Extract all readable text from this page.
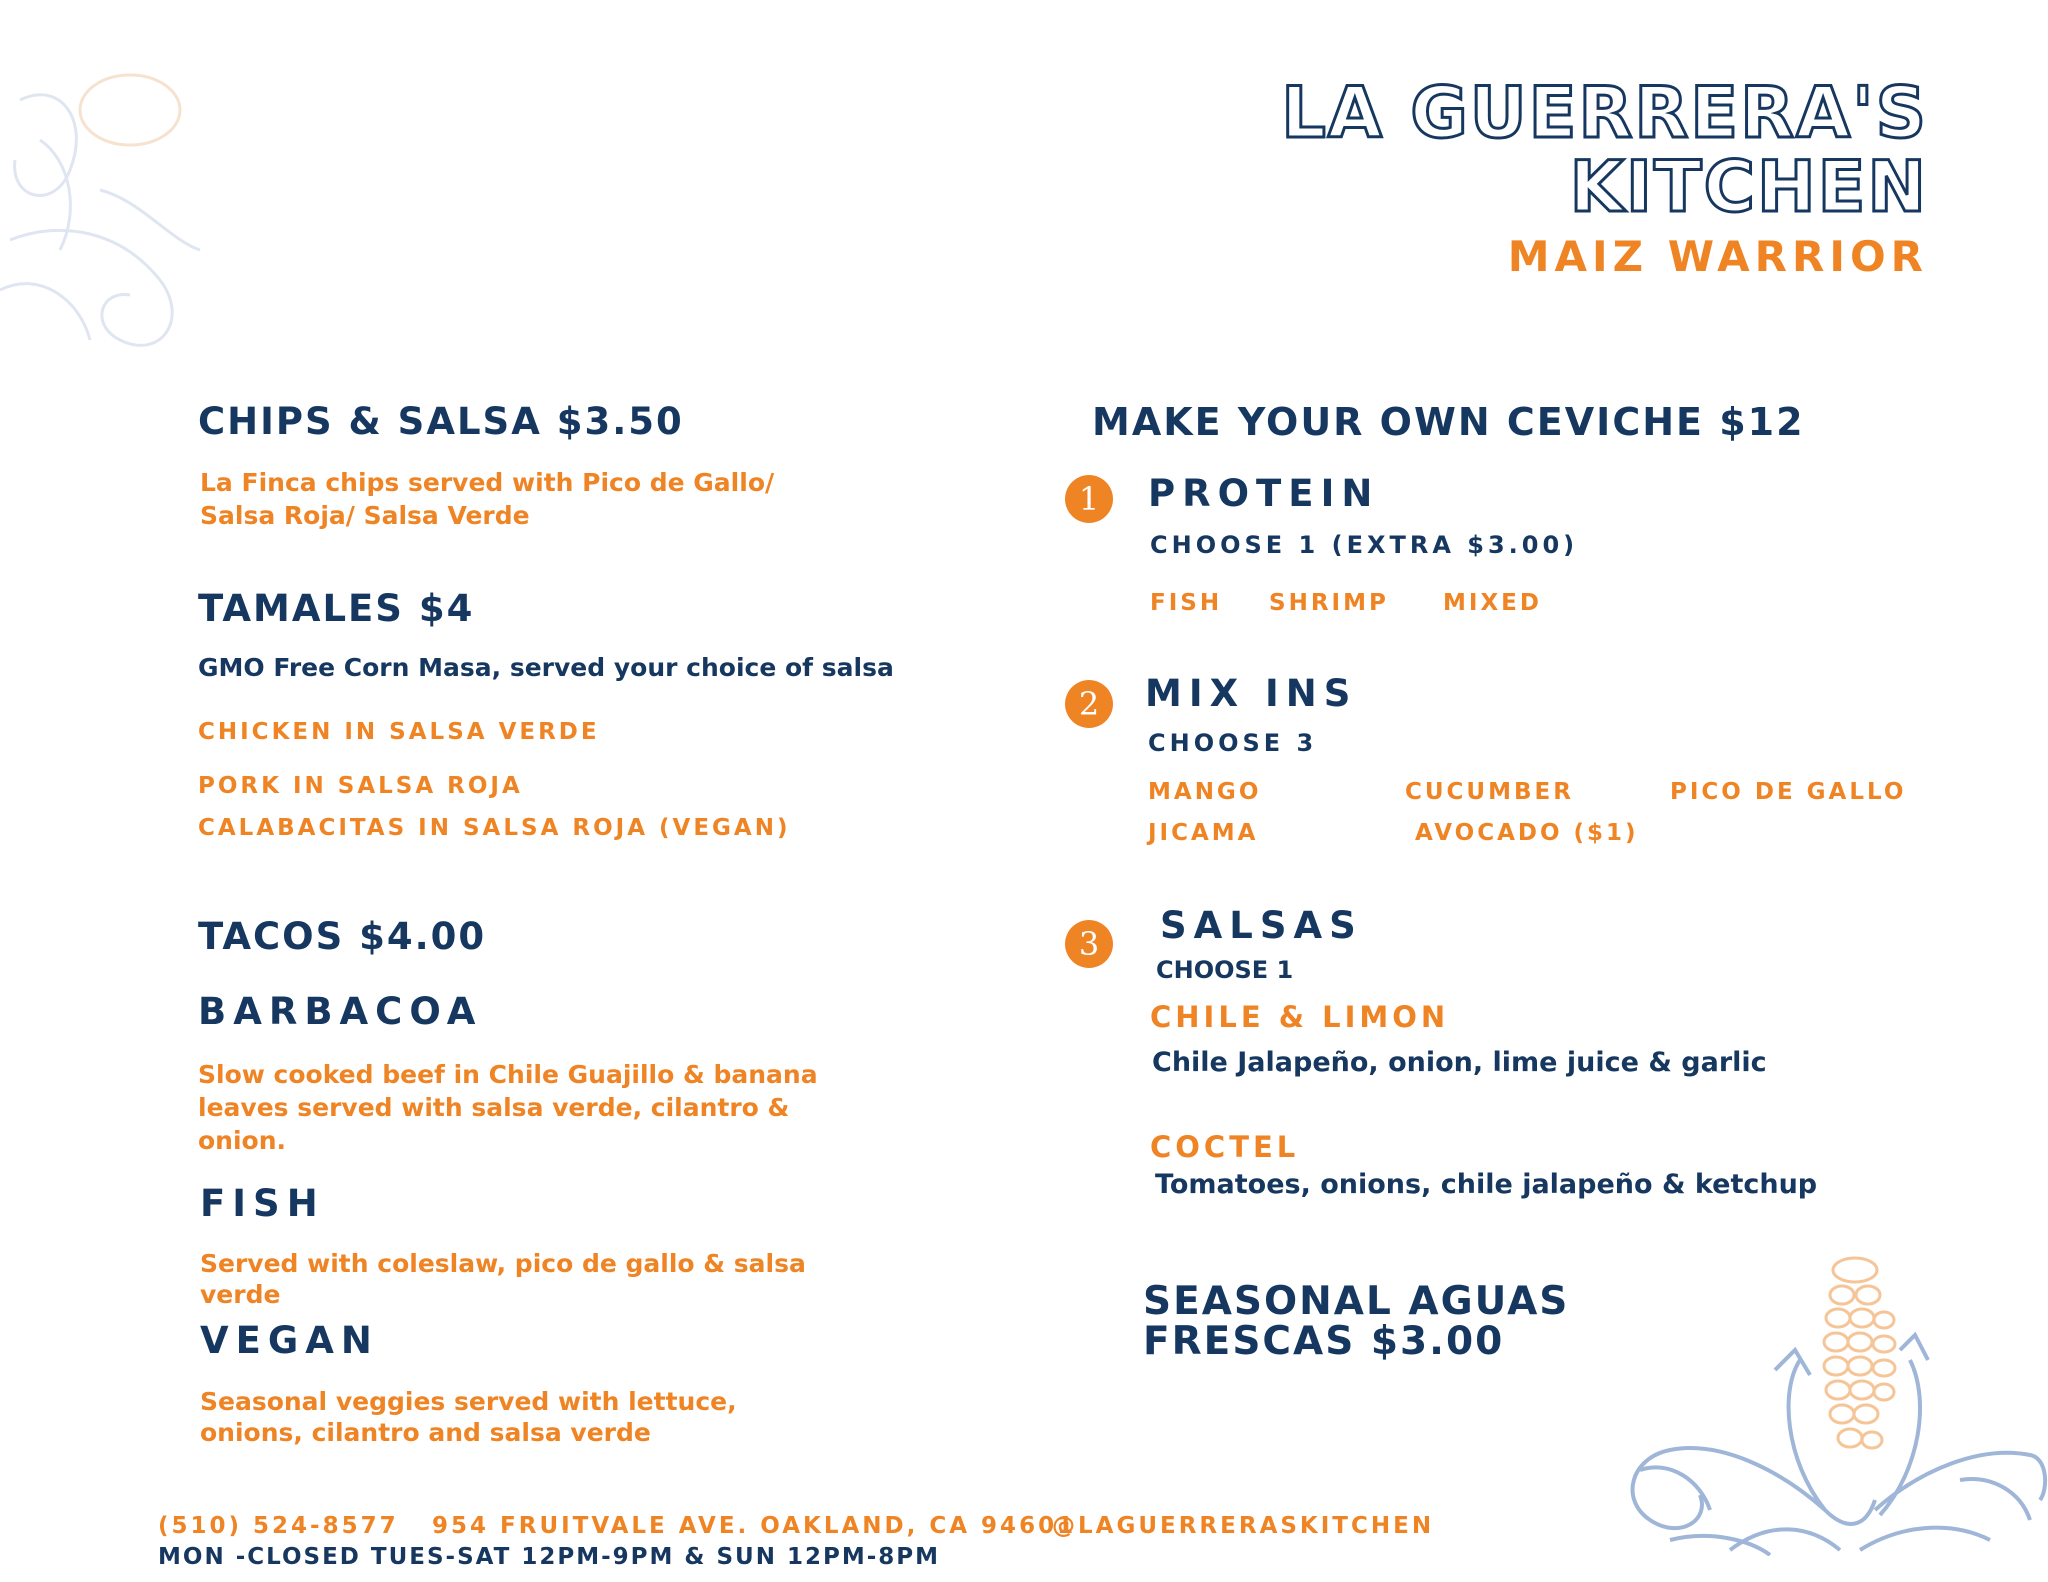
LA GUERRERA'S
KITCHEN
MAIZ WARRIOR
CHIPS & SALSA $3.50
La Finca chips served with Pico de Gallo/ Salsa Roja/ Salsa Verde
TAMALES $4
GMO Free Corn Masa, served your choice of salsa
CHICKEN IN SALSA VERDE
PORK IN SALSA ROJA
CALABACITAS IN SALSA ROJA (VEGAN)
TACOS $4.00
BARBACOA
Slow cooked beef in Chile Guajillo & banana leaves served with salsa verde, cilantro & onion.
FISH
Served with coleslaw, pico de gallo & salsa verde
VEGAN
Seasonal veggies served with lettuce, onions, cilantro and salsa verde
MAKE YOUR OWN CEVICHE $12
1	PROTEIN
CHOOSE 1 (EXTRA $3.00)
FISH SHRIMP MIXED
2	MIX INS
CHOOSE 3
MANGO	CUCUMBER	PICO DE GALLO
JICAMA	AVOCADO ($1)
3	SALSAS
CHOOSE 1
CHILE & LIMON
Chile Jalapeño, onion, lime juice & garlic
COCTEL
Tomatoes, onions, chile jalapeño & ketchup
SEASONAL AGUAS
FRESCAS $3.00
(510) 524-8577 954 FRUITVALE AVE. OAKLAND, CA 94601
@LAGUERRERASKITCHEN
MON -CLOSED TUES-SAT 12PM-9PM & SUN 12PM-8PM
